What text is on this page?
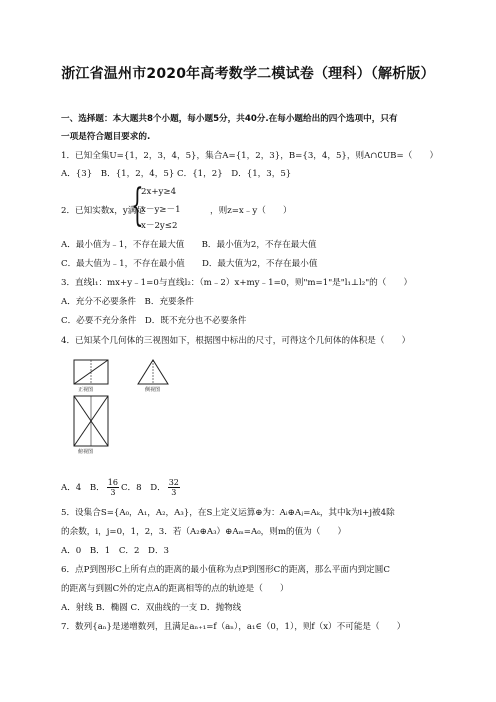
浙江省温州市2020年高考数学二模试卷（理科）（解析版）
一、选择题：本大题共8个小题，每小题5分，共40分.在每小题给出的四个选项中，只有
一项是符合题目要求的.
1．已知全集U={1，2，3，4，5}，集合A={1，2，3}，B={3，4，5}，则A∩∁UB=（　　）
A．{3}　B．{1，2，4，5} C．{1，2}　D．{1，3，5}
2．已知实数x，y满足
{
2x+y≥4
x－y≥－1
x－2y≤2
，则z=x﹣y（　　）
A．最小值为﹣1，不存在最大值　　B．最小值为2，不存在最大值
C．最大值为﹣1，不存在最小值　　D．最大值为2，不存在最小值
3．直线l₁：mx+y﹣1=0与直线l₂：（m﹣2）x+my﹣1=0，则"m=1"是"l₁⊥l₂"的（　　）
A．充分不必要条件　B．充要条件
C．必要不充分条件　D．既不充分也不必要条件
4．已知某个几何体的三视图如下，根据图中标出的尺寸，可得这个几何体的体积是（　　）
正视图	侧视图
俯视图
A．4　B． $\frac{16}{3}$ C．8　D． $\frac{32}{3}$
5．设集合S={A₀，A₁，A₂，A₃}，在S上定义运算⊕为：Aᵢ⊕Aⱼ=Aₖ，其中k为i+j被4除
的余数，i，j=0，1，2，3．若（A₂⊕A₃）⊕Aₘ=A₀，则m的值为（　　）
A．0　B．1　C．2　D．3
6．点P到图形C上所有点的距离的最小值称为点P到图形C的距离，那么平面内到定圆C
的距离与到圆C外的定点A的距离相等的点的轨迹是（　　）
A．射线 B．椭圆 C．双曲线的一支 D．抛物线
7．数列{aₙ}是递增数列，且满足aₙ₊₁=f（aₙ），a₁∈（0，1），则f（x）不可能是（　　）
